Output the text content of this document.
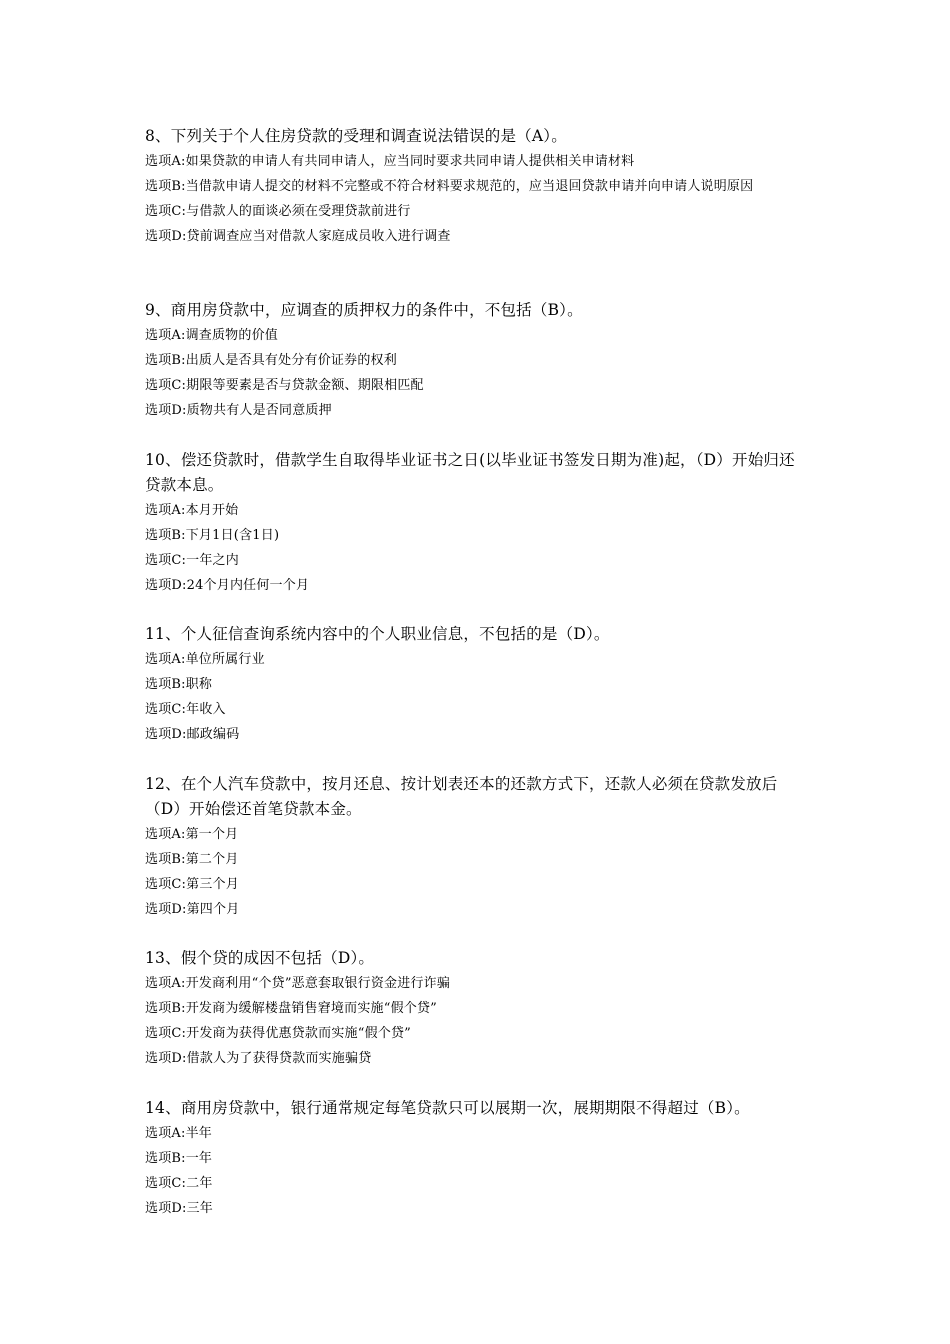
8、下列关于个人住房贷款的受理和调查说法错误的是（A）。

选项A:如果贷款的申请人有共同申请人，应当同时要求共同申请人提供相关申请材料

选项B:当借款申请人提交的材料不完整或不符合材料要求规范的，应当退回贷款申请并向申请人说明原因

选项C:与借款人的面谈必须在受理贷款前进行

选项D:贷前调查应当对借款人家庭成员收入进行调查

9、商用房贷款中，应调查的质押权力的条件中，不包括（B）。

选项A:调查质物的价值

选项B:出质人是否具有处分有价证券的权利

选项C:期限等要素是否与贷款金额、期限相匹配

选项D:质物共有人是否同意质押

10、偿还贷款时，借款学生自取得毕业证书之日(以毕业证书签发日期为准)起，（D）开始归还贷款本息。

选项A:本月开始

选项B:下月1日(含1日)

选项C:一年之内

选项D:24个月内任何一个月

11、个人征信查询系统内容中的个人职业信息，不包括的是（D）。

选项A:单位所属行业

选项B:职称

选项C:年收入

选项D:邮政编码

12、在个人汽车贷款中，按月还息、按计划表还本的还款方式下，还款人必须在贷款发放后（D）开始偿还首笔贷款本金。

选项A:第一个月

选项B:第二个月

选项C:第三个月

选项D:第四个月

13、假个贷的成因不包括（D）。

选项A:开发商利用“个贷”恶意套取银行资金进行诈骗

选项B:开发商为缓解楼盘销售窘境而实施“假个贷”

选项C:开发商为获得优惠贷款而实施“假个贷”

选项D:借款人为了获得贷款而实施骗贷

14、商用房贷款中，银行通常规定每笔贷款只可以展期一次，展期期限不得超过（B）。

选项A:半年

选项B:一年

选项C:二年

选项D:三年
